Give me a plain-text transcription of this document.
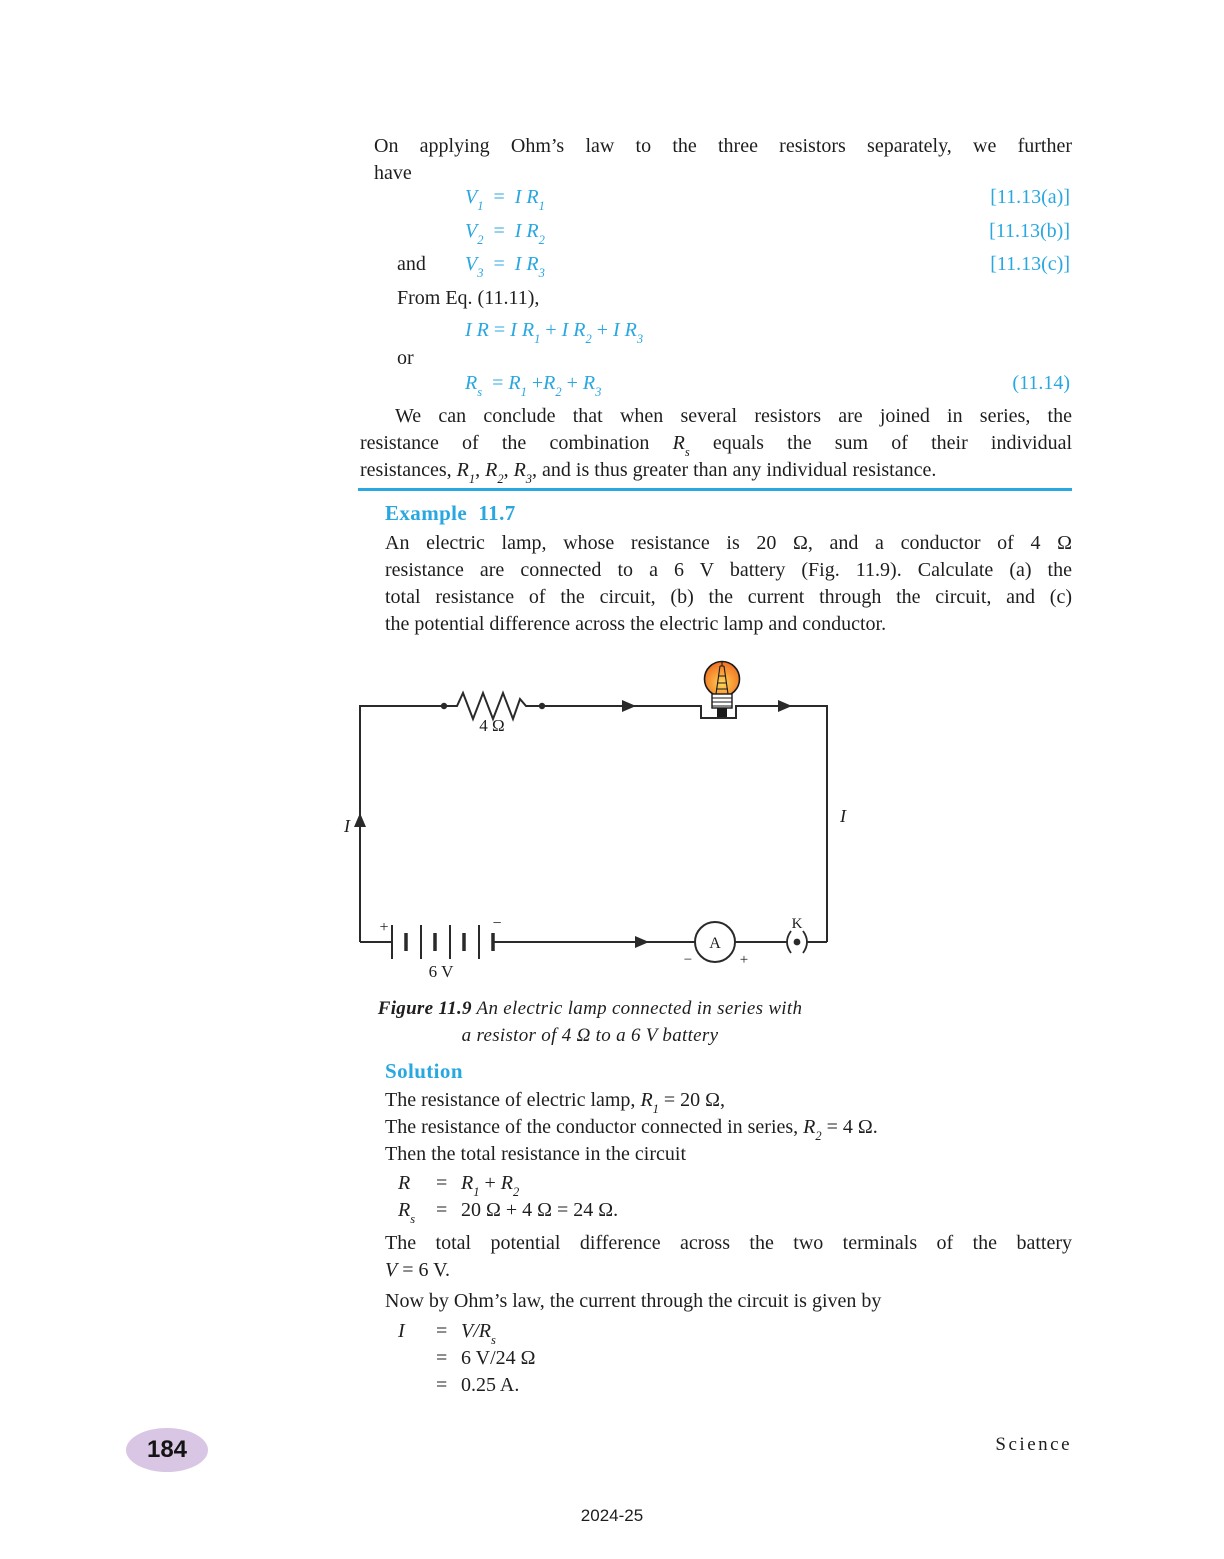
On applying Ohm’s law to the three resistors separately, we further
have
$V_1 = I$ $R_1$	[11.13(a)]
$V_2 = I$ $R_2$	[11.13(b)]
and $V_3 = I$ $R_3$	[11.13(c)]
From Eq. (11.11),
I R = I $R_1 + I$ $R_2 + I$ $R_3$
or
$R_s = R_1 +R_2 + R_3$	(11.14)
We can conclude that when several resistors are joined in series, the
resistance of the combination $R_s$ equals the sum of their individual
resistances, $R_1$, $R_2$, $R_3$, and is thus greater than any individual resistance.
Example  11.7
An electric lamp, whose resistance is 20 Ω, and a conductor of 4 Ω
resistance are connected to a 6 V battery (Fig. 11.9). Calculate (a) the
total resistance of the circuit, (b) the current through the circuit, and (c)
the potential difference across the electric lamp and conductor.
4 Ω
+	−
6 V
I	I
A
−	+
K
Figure 11.9 An electric lamp connected in series with
a resistor of 4 Ω to a 6 V battery
Solution
The resistance of electric lamp, $R_1 = 20$ Ω,
The resistance of the conductor connected in series, $R_2 = 4$ Ω.
Then the total resistance in the circuit
$R = R_1 + R_2$
$R_s = 20$ Ω + 4 Ω = 24 Ω.
The total potential difference across the two terminals of the battery
V = 6 V.
Now by Ohm’s law, the current through the circuit is given by
$I = V/R_s$
= 6 V/24 Ω
= 0.25 A.
184	Science
2024-25
